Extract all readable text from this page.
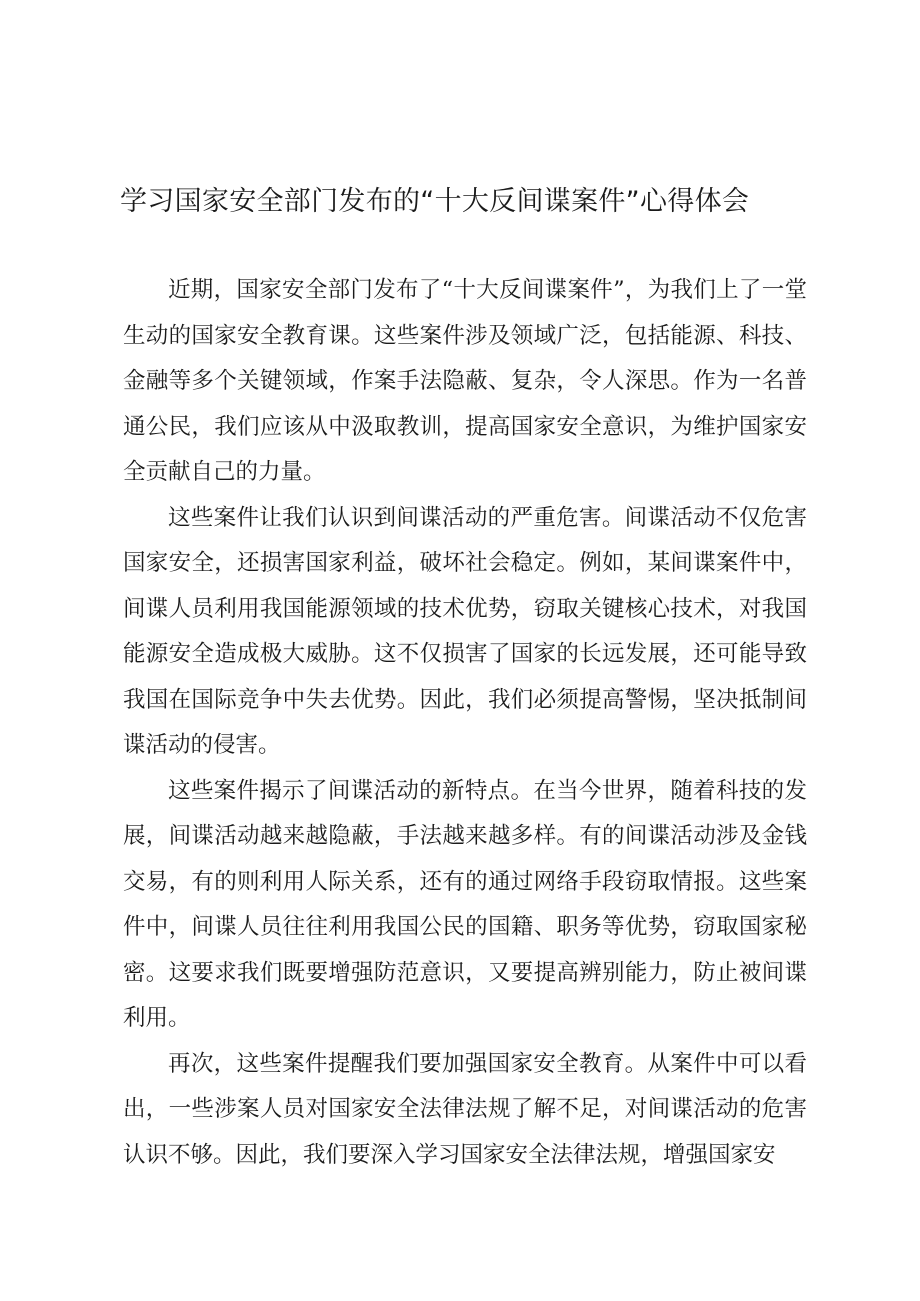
学习国家安全部门发布的“十大反间谍案件”心得体会

近期，国家安全部门发布了“十大反间谍案件”，为我们上了一堂生动的国家安全教育课。这些案件涉及领域广泛，包括能源、科技、金融等多个关键领域，作案手法隐蔽、复杂，令人深思。作为一名普通公民，我们应该从中汲取教训，提高国家安全意识，为维护国家安全贡献自己的力量。

这些案件让我们认识到间谍活动的严重危害。间谍活动不仅危害国家安全，还损害国家利益，破坏社会稳定。例如，某间谍案件中，间谍人员利用我国能源领域的技术优势，窃取关键核心技术，对我国能源安全造成极大威胁。这不仅损害了国家的长远发展，还可能导致我国在国际竞争中失去优势。因此，我们必须提高警惕，坚决抵制间谍活动的侵害。

这些案件揭示了间谍活动的新特点。在当今世界，随着科技的发展，间谍活动越来越隐蔽，手法越来越多样。有的间谍活动涉及金钱交易，有的则利用人际关系，还有的通过网络手段窃取情报。这些案件中，间谍人员往往利用我国公民的国籍、职务等优势，窃取国家秘密。这要求我们既要增强防范意识，又要提高辨别能力，防止被间谍利用。

再次，这些案件提醒我们要加强国家安全教育。从案件中可以看出，一些涉案人员对国家安全法律法规了解不足，对间谍活动的危害认识不够。因此，我们要深入学习国家安全法律法规，增强国家安
